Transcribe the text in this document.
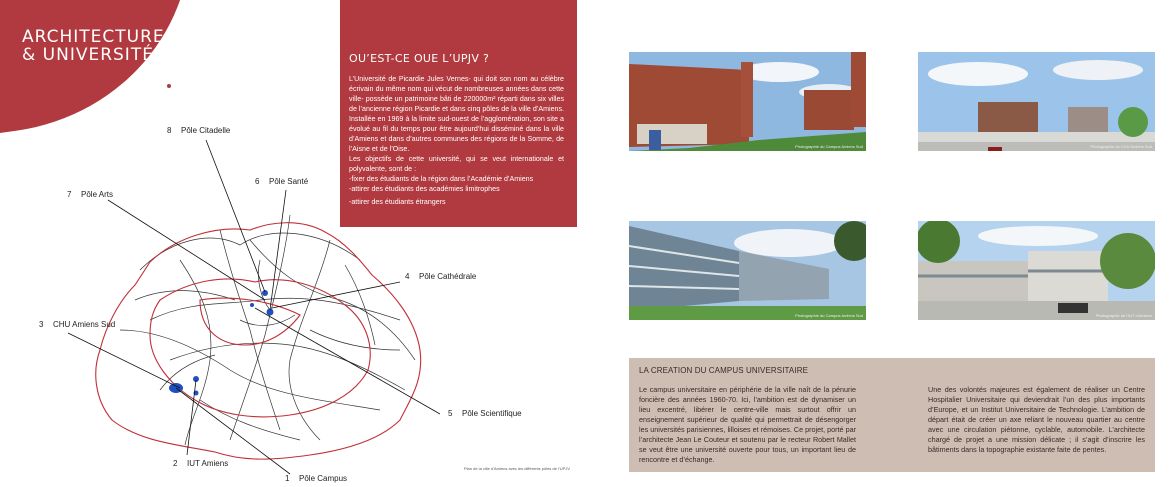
ARCHITECTURES
& UNIVERSITÉS	OU’EST-CE OUE L’UPJV ?

L’Université de Picardie Jules Vernes- qui doit son nom au célèbre écrivain du même nom qui vécut de nombreuses années dans cette ville- possède un patrimoine bâti de 220000m² réparti dans six villes de l’ancienne région Picardie et dans cinq pôles de la ville d’Amiens. Installée en 1969 à la limite sud-ouest de l’agglomération, son site a évolué au fil du temps pour être aujourd’hui disséminé dans la ville d’Amiens et dans d’autres communes des régions de la Somme, de l’Aisne et de l’Oise.

Les objectifs de cette université, qui se veut internationale et polyvalente, sont de :

-fixer des étudiants de la région dans l’Académie d’Amiens

-attirer des étudiants des académies limitrophes

-attirer des étudiants étrangers

8 Pôle Citadelle
6 Pôle Santé
7 Pôle Arts
4 Pôle Cathédrale
3 CHU Amiens Sud
5 Pôle Scientifique
2 IUT Amiens
1 Pôle Campus
Plan de la ville d’Amiens avec les différents pôles de l’UPJV
Photographie du Campus Amiens Sud	Photographie du CHU Amiens Sud
Photographie du Campus Amiens Sud	Photographie de l’IUT d’Amiens
LA CREATION DU CAMPUS UNIVERSITAIRE
Le campus universitaire en périphérie de la ville naît de la pénurie foncière des années 1960-70. Ici, l’ambition est de dynamiser un lieu excentré, libérer le centre-ville mais surtout offrir un enseignement supérieur de qualité qui permettrait de désengorger les universités parisiennes, lilloises et rémoises. Ce projet, porté par l’architecte Jean Le Couteur et soutenu par le recteur Robert Mallet se veut être une université ouverte pour tous, un important lieu de rencontre et d’échange.
Une des volontés majeures est également de réaliser un Centre Hospitalier Universitaire qui deviendrait l’un des plus importants d’Europe, et un Institut Universitaire de Technologie. L’ambition de départ était de créer un axe reliant le nouveau quartier au centre avec une circulation piétonne, cyclable, automobile. L’architecte chargé de projet a une mission délicate ; il s’agit d’inscrire les bâtiments dans la topographie existante faite de pentes.
